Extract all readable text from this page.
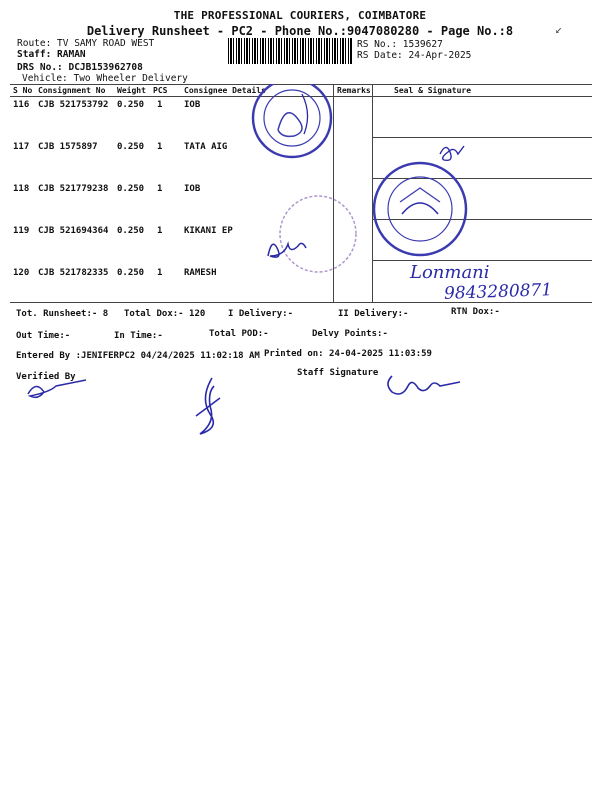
THE PROFESSIONAL COURIERS, COIMBATORE
Delivery Runsheet - PC2 - Phone No.:9047080280 - Page No.:8
Route: TV SAMY ROAD WEST
Staff: RAMAN
DRS No.: DCJB153962708
Vehicle: Two Wheeler Delivery
RS No.: 1539627
RS Date: 24-Apr-2025
↙
S No Consignment No Weight PCS Consignee Details	Remarks	Seal & Signature
116 CJB 521753792 0.250 1 IOB
117 CJB 1575897 0.250 1 TATA AIG
118 CJB 521779238 0.250 1 IOB
119 CJB 521694364 0.250 1 KIKANI EP
120 CJB 521782335 0.250 1 RAMESH	Lonmani
9843280871
Tot. Runsheet:- 8 Total Dox:- 120	I Delivery:-	II Delivery:-	RTN Dox:-
Out Time:-	In Time:-	Total POD:-	Delvy Points:-
Entered By :JENIFERPC2 04/24/2025 11:02:18 AM Printed on: 24-04-2025 11:03:59
Verified By	Staff Signature
